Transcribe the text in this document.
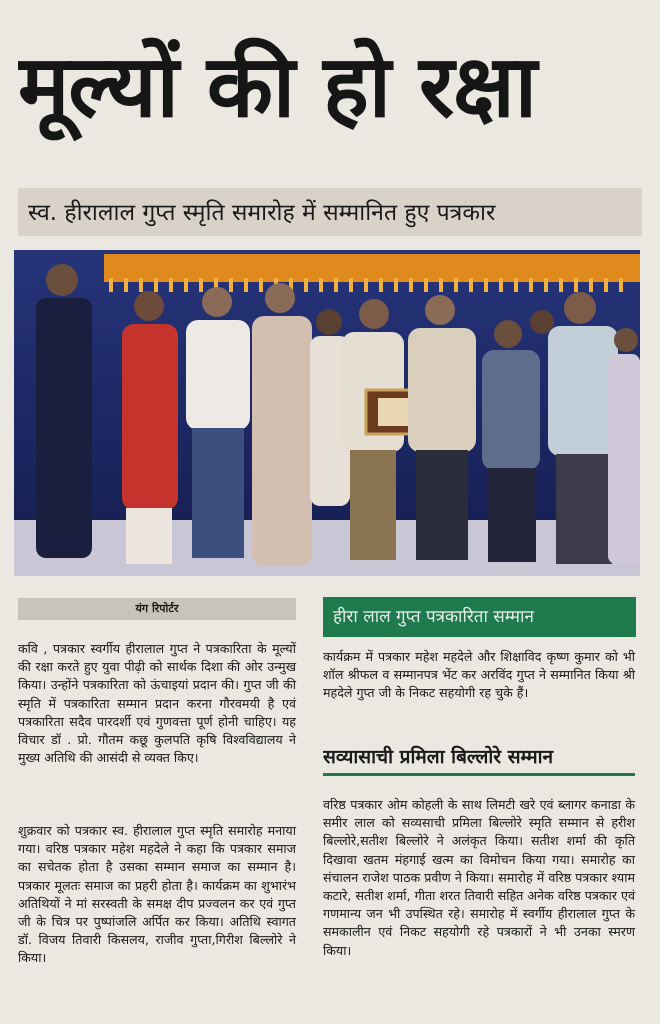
मूल्यों की हो रक्षा
स्व. हीरालाल गुप्त स्मृति समारोह में सम्मानित हुए पत्रकार
यंग रिपोर्टर

कवि , पत्रकार स्वर्गीय हीरालाल गुप्त ने पत्रकारिता के मूल्यों की रक्षा करते हुए युवा पीढ़ी को सार्थक दिशा की ओर उन्मुख किया। उन्होंने पत्रकारिता को ऊंचाइयां प्रदान की। गुप्त जी की स्मृति में पत्रकारिता सम्मान प्रदान करना गौरवमयी है एवं पत्रकारिता सदैव पारदर्शी एवं गुणवत्ता पूर्ण होनी चाहिए। यह विचार डॉ . प्रो. गौतम कछू कुलपति कृषि विश्वविद्यालय ने मुख्य अतिथि की आसंदी से व्यक्त किए।

शुक्रवार को पत्रकार स्व. हीरालाल गुप्त स्मृति समारोह मनाया गया। वरिष्ठ पत्रकार महेश महदेले ने कहा कि पत्रकार समाज का सचेतक होता है उसका सम्मान समाज का सम्मान है। पत्रकार मूलतः समाज का प्रहरी होता है। कार्यक्रम का शुभारंभ अतिथियों ने मां सरस्वती के समक्ष दीप प्रज्वलन कर एवं गुप्त जी के चित्र पर पुष्पांजलि अर्पित कर किया। अतिथि स्वागत डॉ. विजय तिवारी किसलय, राजीव गुप्ता,गिरीश बिल्लोरे ने किया।

हीरा लाल गुप्त पत्रकारिता सम्मान

कार्यक्रम में पत्रकार महेश महदेले और शिक्षाविद कृष्ण कुमार को भी शॉल श्रीफल व सम्मानपत्र भेंट कर अरविंद गुप्त ने सम्मानित किया श्री महदेले गुप्त जी के निकट सहयोगी रह चुके हैं।

सव्यासाची प्रमिला बिल्लोरे सम्मान

वरिष्ठ पत्रकार ओम कोहली के साथ लिमटी खरे एवं ब्लागर कनाडा के समीर लाल को सव्यसाची प्रमिला बिल्लोरे स्मृति सम्मान से हरीश बिल्लोरे,सतीश बिल्लोरे ने अलंकृत किया। सतीश शर्मा की कृति दिखावा खतम मंहगाई खत्म का विमोचन किया गया। समारोह का संचालन राजेश पाठक प्रवीण ने किया। समारोह में वरिष्ठ पत्रकार श्याम कटारे, सतीश शर्मा, गीता शरत तिवारी सहित अनेक वरिष्ठ पत्रकार एवं गणमान्य जन भी उपस्थित रहे। समारोह में स्वर्गीय हीरालाल गुप्त के समकालीन एवं निकट सहयोगी रहे पत्रकारों ने भी उनका स्मरण किया।
